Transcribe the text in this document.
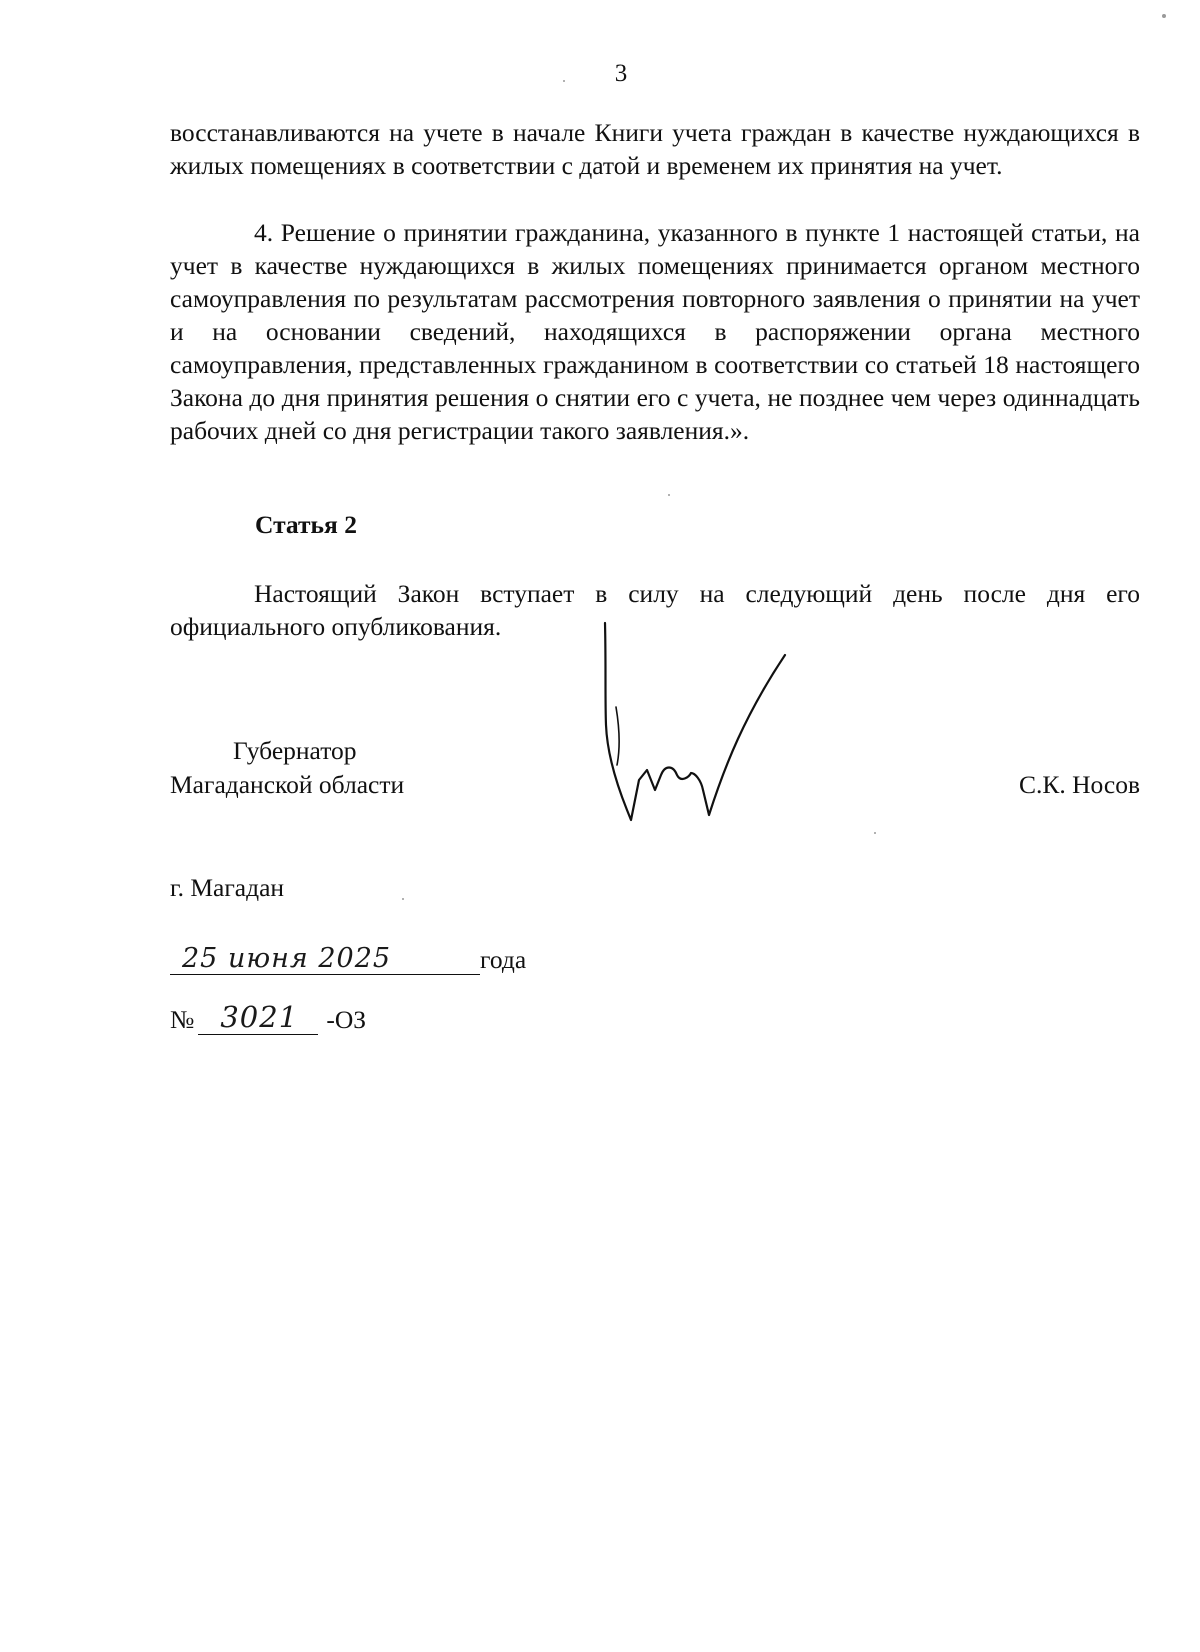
3
восстанавливаются на учете в начале Книги учета граждан в качестве нуждающихся в жилых помещениях в соответствии с датой и временем их принятия на учет.
4. Решение о принятии гражданина, указанного в пункте 1 настоящей статьи, на учет в качестве нуждающихся в жилых помещениях принимается органом местного самоуправления по результатам рассмотрения повторного заявления о принятии на учет и на основании сведений, находящихся в распоряжении органа местного самоуправления, представленных гражданином в соответствии со статьей 18 настоящего Закона до дня принятия решения о снятии его с учета, не позднее чем через одиннадцать рабочих дней со дня регистрации такого заявления.».
Статья 2
Настоящий Закон вступает в силу на следующий день после дня его официального опубликования.
Губернатор
Магаданской области	С.К. Носов
г. Магадан
25 июня 2025	года
№ 3021 -ОЗ
